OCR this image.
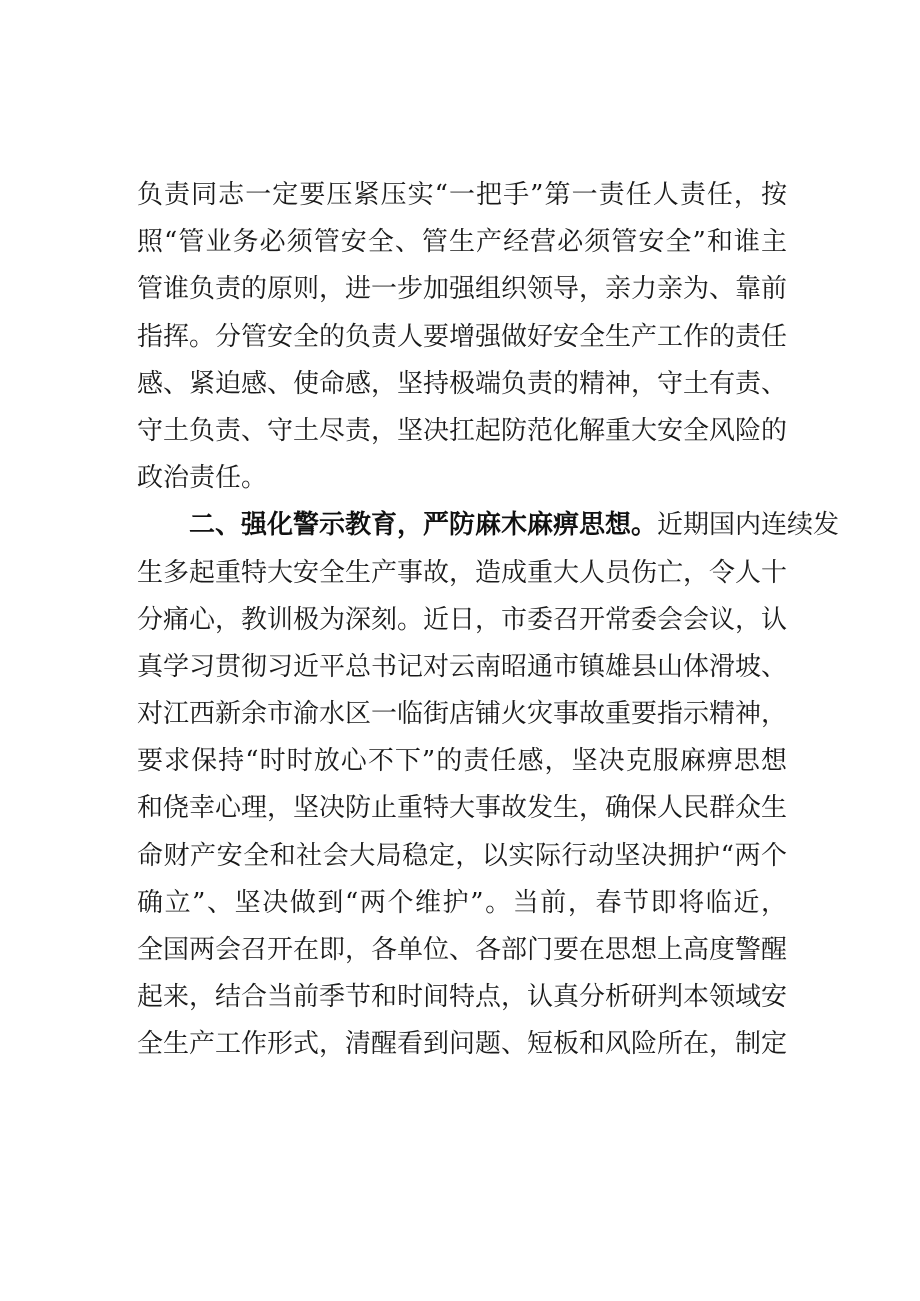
负责同志一定要压紧压实“一把手”第一责任人责任，按
照“管业务必须管安全、管生产经营必须管安全”和谁主
管谁负责的原则，进一步加强组织领导，亲力亲为、靠前
指挥。分管安全的负责人要增强做好安全生产工作的责任
感、紧迫感、使命感，坚持极端负责的精神，守土有责、
守土负责、守土尽责，坚决扛起防范化解重大安全风险的
政治责任。
二、强化警示教育，严防麻木麻痹思想。近期国内连续发
生多起重特大安全生产事故，造成重大人员伤亡，令人十
分痛心，教训极为深刻。近日，市委召开常委会会议，认
真学习贯彻习近平总书记对云南昭通市镇雄县山体滑坡、
对江西新余市渝水区一临街店铺火灾事故重要指示精神，
要求保持“时时放心不下”的责任感，坚决克服麻痹思想
和侥幸心理，坚决防止重特大事故发生，确保人民群众生
命财产安全和社会大局稳定，以实际行动坚决拥护“两个
确立”、坚决做到“两个维护”。当前，春节即将临近，
全国两会召开在即，各单位、各部门要在思想上高度警醒
起来，结合当前季节和时间特点，认真分析研判本领域安
全生产工作形式，清醒看到问题、短板和风险所在，制定
